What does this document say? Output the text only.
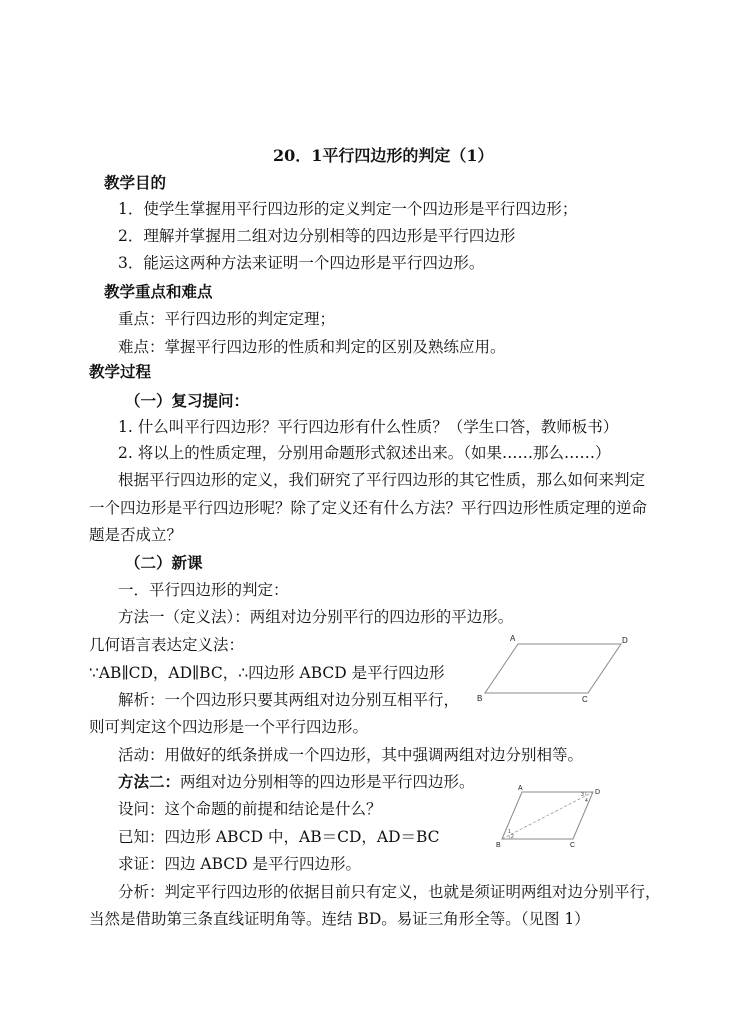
20．1平行四边形的判定（1）
教学目的
1．使学生掌握用平行四边形的定义判定一个四边形是平行四边形；
2．理解并掌握用二组对边分别相等的四边形是平行四边形
3．能运这两种方法来证明一个四边形是平行四边形。
教学重点和难点
重点：平行四边形的判定定理；
难点：掌握平行四边形的性质和判定的区别及熟练应用。
教学过程
（一）复习提问：
1. 什么叫平行四边形？平行四边形有什么性质？（学生口答，教师板书）
2. 将以上的性质定理，分别用命题形式叙述出来。（如果……那么……）
根据平行四边形的定义，我们研究了平行四边形的其它性质，那么如何来判定
一个四边形是平行四边形呢？除了定义还有什么方法？平行四边形性质定理的逆命
题是否成立？
（二）新课
一．平行四边形的判定：
方法一（定义法）：两组对边分别平行的四边形的平边形。
几何语言表达定义法：
∵AB∥CD，AD∥BC，∴四边形 ABCD 是平行四边形
解析：一个四边形只要其两组对边分别互相平行，
则可判定这个四边形是一个平行四边形。
活动：用做好的纸条拼成一个四边形，其中强调两组对边分别相等。
方法二：两组对边分别相等的四边形是平行四边形。
设问：这个命题的前提和结论是什么？
已知：四边形 ABCD 中，AB＝CD，AD＝BC
求证：四边 ABCD 是平行四边形。
分析：判定平行四边形的依据目前只有定义，也就是须证明两组对边分别平行，
当然是借助第三条直线证明角等。连结 BD。易证三角形全等。（见图 1）
A	D
B	C
A
D
B	C
1
2
3
4
